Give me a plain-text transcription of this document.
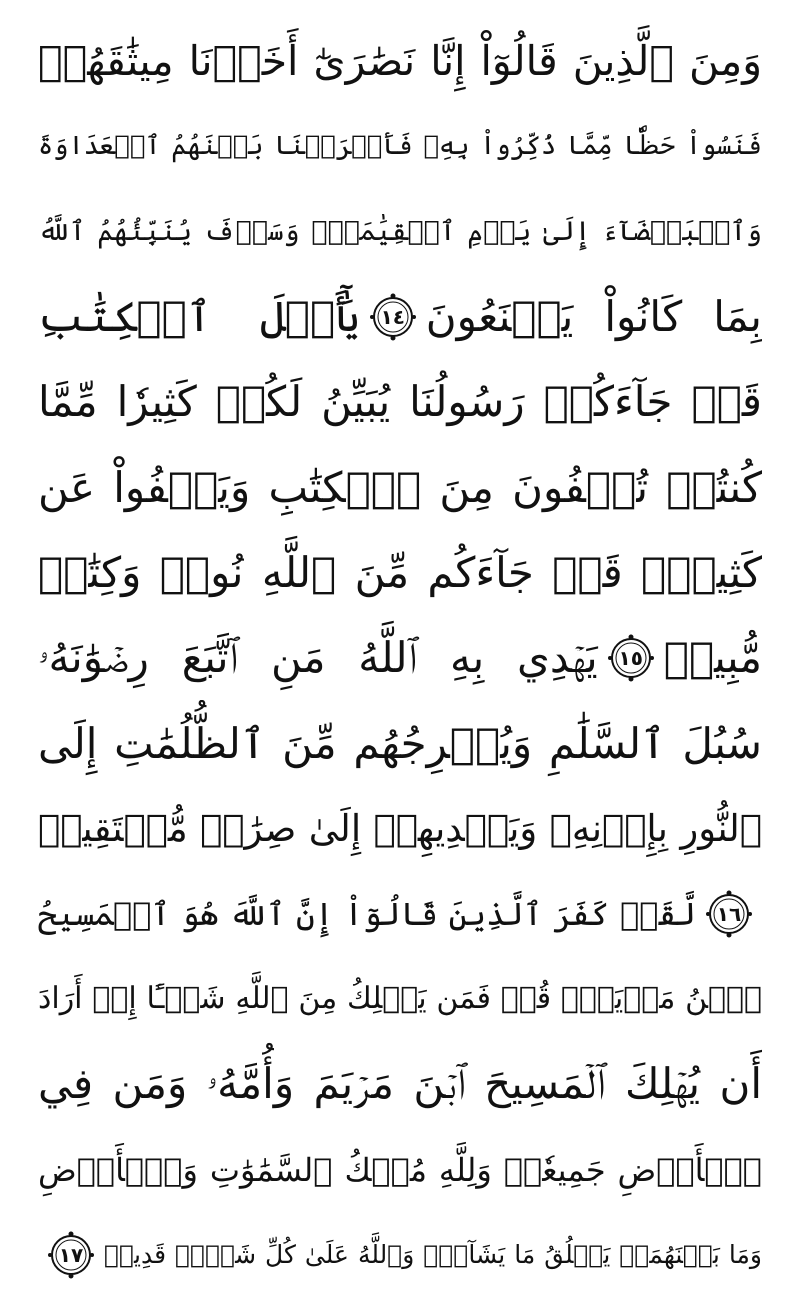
وَمِنَ ٱلَّذِينَ قَالُوٓاْ إِنَّا نَصَٰرَىٰٓ أَخَذۡنَا مِيثَٰقَهُمۡ
فَنَسُواْ حَظّٗا مِّمَّا ذُكِّرُواْ بِهِۦ فَأَغۡرَيۡنَا بَيۡنَهُمُ ٱلۡعَدَاوَةَ
وَٱلۡبَغۡضَآءَ إِلَىٰ يَوۡمِ ٱلۡقِيَٰمَةِۚ وَسَوۡفَ يُنَبِّئُهُمُ ٱللَّهُ
بِمَا كَانُواْ يَصۡنَعُونَ
١٤
يَٰٓأَهۡلَ ٱلۡكِتَٰبِ
قَدۡ جَآءَكُمۡ رَسُولُنَا يُبَيِّنُ لَكُمۡ كَثِيرٗا مِّمَّا
كُنتُمۡ تُخۡفُونَ مِنَ ٱلۡكِتَٰبِ وَيَعۡفُواْ عَن
كَثِيرٖۚ قَدۡ جَآءَكُم مِّنَ ٱللَّهِ نُورٞ وَكِتَٰبٞ
مُّبِينٞ
١٥
يَهۡدِي بِهِ ٱللَّهُ مَنِ ٱتَّبَعَ رِضۡوَٰنَهُۥ
سُبُلَ ٱلسَّلَٰمِ وَيُخۡرِجُهُم مِّنَ ٱلظُّلُمَٰتِ إِلَى
ٱلنُّورِ بِإِذۡنِهِۦ وَيَهۡدِيهِمۡ إِلَىٰ صِرَٰطٖ مُّسۡتَقِيمٖ
١٦
لَّقَدۡ كَفَرَ ٱلَّذِينَ قَالُوٓاْ إِنَّ ٱللَّهَ هُوَ ٱلۡمَسِيحُ
ٱبۡنُ مَرۡيَمَۚ قُلۡ فَمَن يَمۡلِكُ مِنَ ٱللَّهِ شَيۡـًٔا إِنۡ أَرَادَ
أَن يُهۡلِكَ ٱلۡمَسِيحَ ٱبۡنَ مَرۡيَمَ وَأُمَّهُۥ وَمَن فِي
ٱلۡأَرۡضِ جَمِيعٗاۗ وَلِلَّهِ مُلۡكُ ٱلسَّمَٰوَٰتِ وَٱلۡأَرۡضِ
وَمَا بَيۡنَهُمَاۚ يَخۡلُقُ مَا يَشَآءُۚ وَٱللَّهُ عَلَىٰ كُلِّ شَيۡءٖ قَدِيرٞ
١٧
